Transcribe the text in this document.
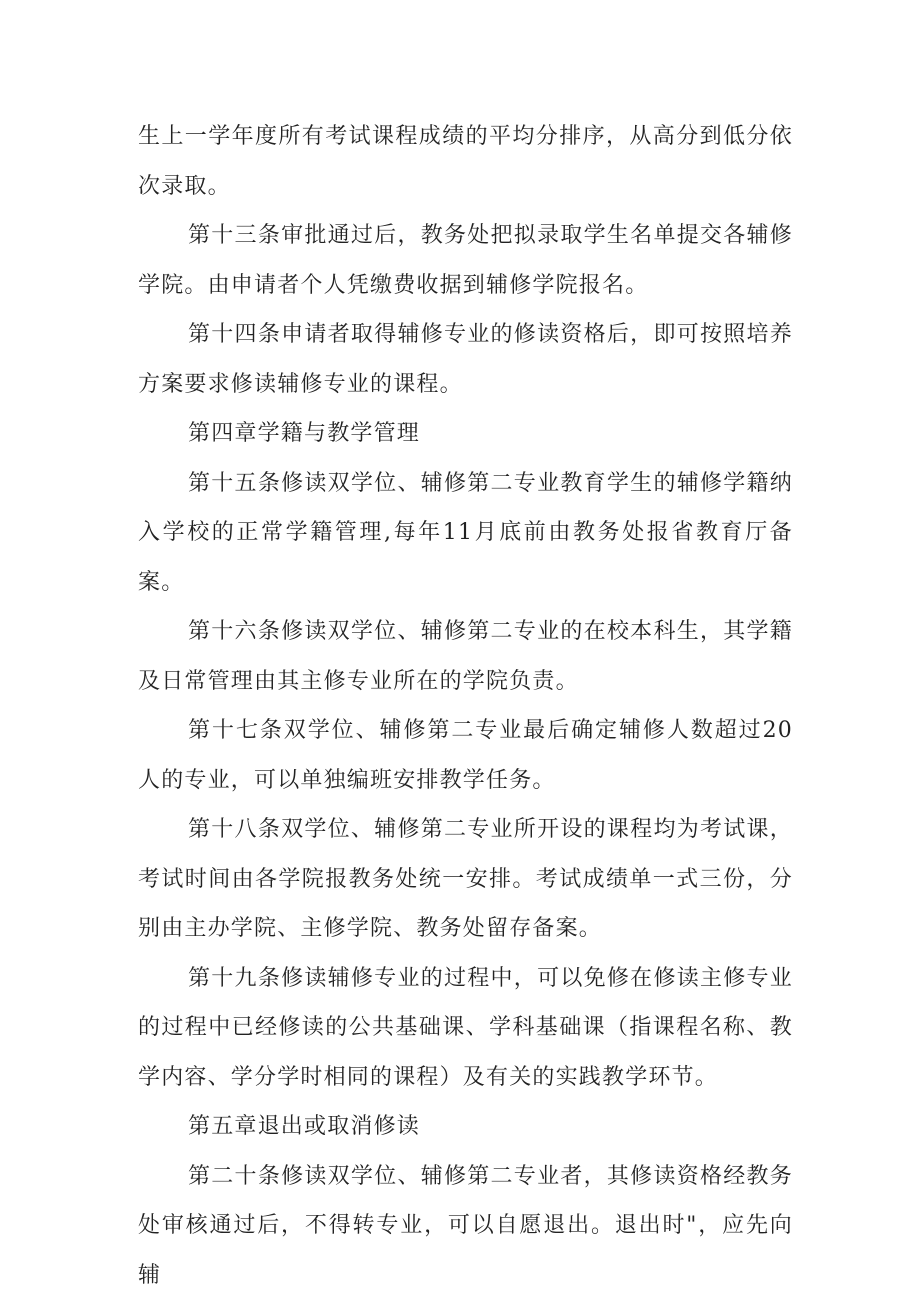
生上一学年度所有考试课程成绩的平均分排序，从高分到低分依次录取。

第十三条审批通过后，教务处把拟录取学生名单提交各辅修学院。由申请者个人凭缴费收据到辅修学院报名。

第十四条申请者取得辅修专业的修读资格后，即可按照培养方案要求修读辅修专业的课程。

第四章学籍与教学管理

第十五条修读双学位、辅修第二专业教育学生的辅修学籍纳入学校的正常学籍管理,每年11月底前由教务处报省教育厅备案。

第十六条修读双学位、辅修第二专业的在校本科生，其学籍及日常管理由其主修专业所在的学院负责。

第十七条双学位、辅修第二专业最后确定辅修人数超过20人的专业，可以单独编班安排教学任务。

第十八条双学位、辅修第二专业所开设的课程均为考试课，考试时间由各学院报教务处统一安排。考试成绩单一式三份，分别由主办学院、主修学院、教务处留存备案。

第十九条修读辅修专业的过程中，可以免修在修读主修专业的过程中已经修读的公共基础课、学科基础课（指课程名称、教学内容、学分学时相同的课程）及有关的实践教学环节。

第五章退出或取消修读

第二十条修读双学位、辅修第二专业者，其修读资格经教务处审核通过后，不得转专业，可以自愿退出。退出时"，应先向辅
